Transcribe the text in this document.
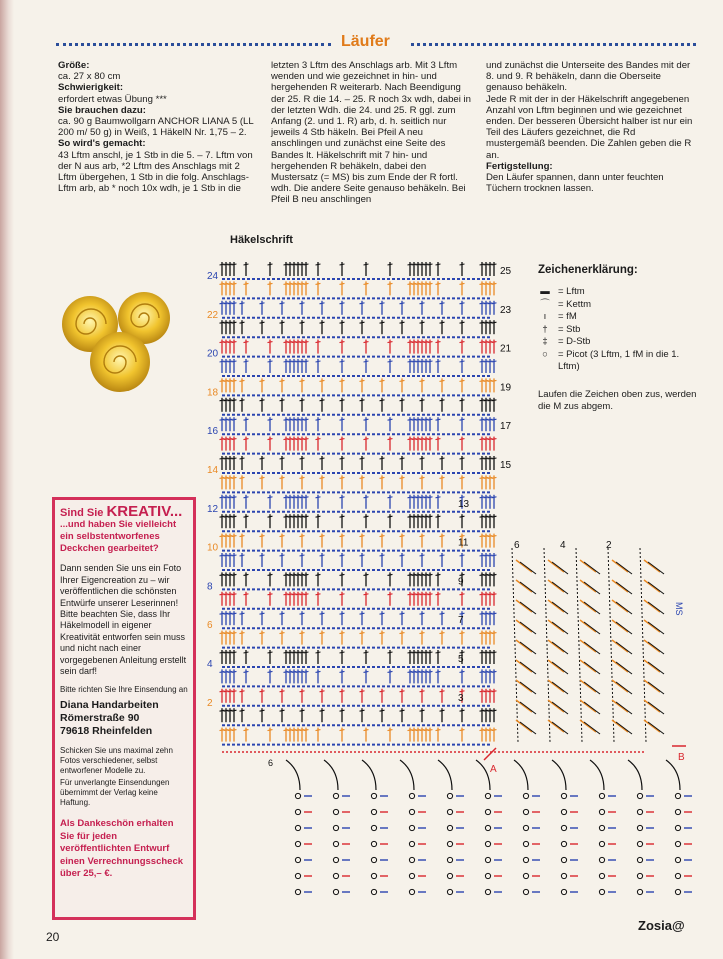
Läufer

Größe:

ca. 27 x 80 cm

Schwierigkeit:

erfordert etwas Übung ***

Sie brauchen dazu:

ca. 90 g Baumwollgarn ANCHOR LIANA 5 (LL 200 m/ 50 g) in Weiß, 1 HäkelN Nr. 1,75 – 2.

So wird's gemacht:

43 Lftm anschl, je 1 Stb in die 5. – 7. Lftm von der N aus arb, *2 Lftm des Anschlags mit 2 Lftm übergehen, 1 Stb in die folg. Anschlags-Lftm arb, ab * noch 10x wdh, je 1 Stb in die

letzten 3 Lftm des Anschlags arb. Mit 3 Lftm wenden und wie gezeichnet in hin- und hergehenden R weiterarb. Nach Beendigung der 25. R die 14. – 25. R noch 3x wdh, dabei in der letzten Wdh. die 24. und 25. R ggl. zum Anfang (2. und 1. R) arb, d. h. seitlich nur jeweils 4 Stb häkeln. Bei Pfeil A neu anschlingen und zunächst eine Seite des Bandes lt. Häkelschrift mit 7 hin- und hergehenden R behäkeln, dabei den Mustersatz (= MS) bis zum Ende der R fortl. wdh. Die andere Seite genauso behäkeln. Bei Pfeil B neu anschlingen

und zunächst die Unterseite des Bandes mit der 8. und 9. R behäkeln, dann die Oberseite genauso behäkeln.

Jede R mit der in der Häkelschrift angegebenen Anzahl von Lftm beginnen und wie gezeichnet enden. Der besseren Übersicht halber ist nur ein Teil des Läufers gezeichnet, die Rd mustergemäß beenden. Die Zahlen geben die R an.

Fertigstellung:

Den Läufer spannen, dann unter feuchten Tüchern trocknen lassen.

Häkelschrift
24
22
20
18
16
14
12
10
8
6
4
2
25
23
21
19
17
15
13
11
9
7
5
3
6
6	4	2
MS
A
B
Zeichenerklärung:
▬ = Lftm
⌒ = Kettm
ı	= fM
†	= Stb
‡	= D-Stb
○	= Picot (3 Lftm, 1 fM in die 1. Lftm)
Laufen die Zeichen oben zus, werden die M zus abgem.
Sind Sie KREATIV...
...und haben Sie vielleicht ein selbstentworfenes Deckchen gearbeitet?

Dann senden Sie uns ein Foto Ihrer Eigencreation zu – wir veröffentlichen die schönsten Entwürfe unserer Leserinnen! Bitte beachten Sie, dass Ihr Häkelmodell in eigener Kreativität entworfen sein muss und nicht nach einer vorgegebenen Anleitung erstellt sein darf!

Bitte richten Sie Ihre Einsendung an

Diana Handarbeiten
Römerstraße 90
79618 Rheinfelden

Schicken Sie uns maximal zehn Fotos verschiedener, selbst entworfener Modelle zu.

Für unverlangte Einsendungen übernimmt der Verlag keine Haftung.

Als Dankeschön erhalten Sie für jeden veröffentlichten Entwurf einen Verrechnungsscheck über 25,– €.
20
Zosia@
